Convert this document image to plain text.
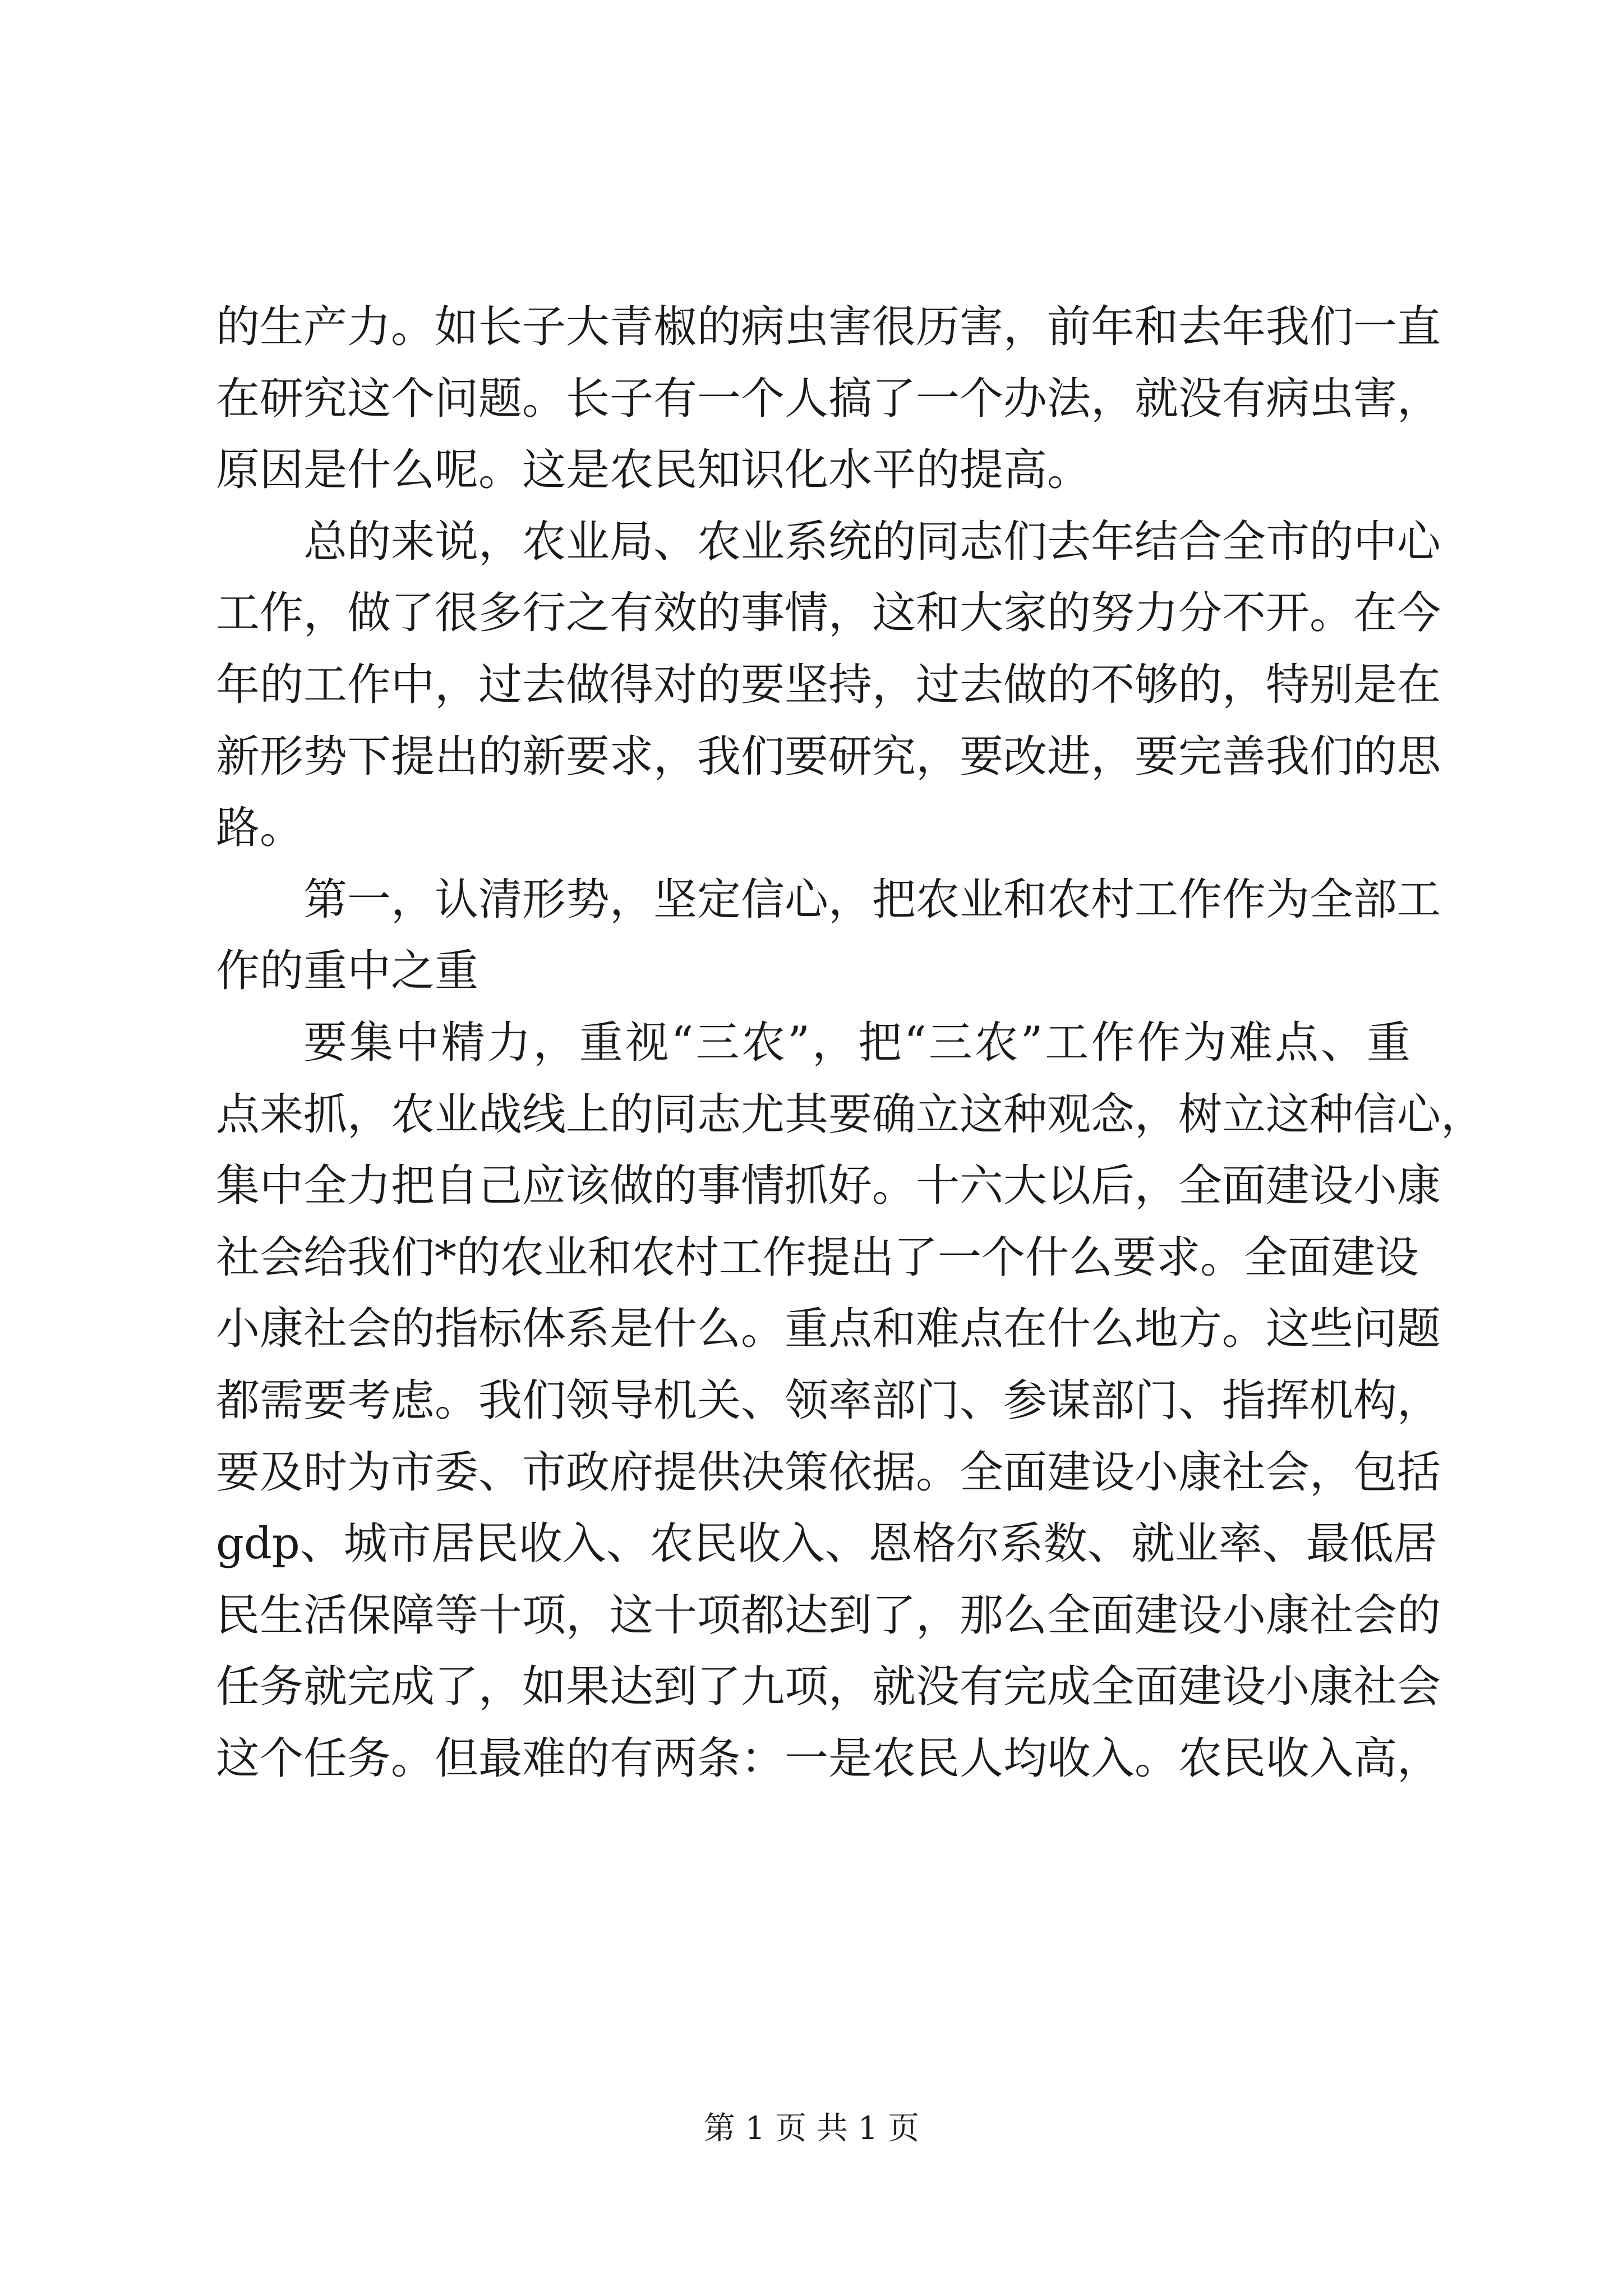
的生产力。如长子大青椒的病虫害很历害，前年和去年我们一直
在研究这个问题。长子有一个人搞了一个办法，就没有病虫害，
原因是什么呢。这是农民知识化水平的提高。
总的来说，农业局、农业系统的同志们去年结合全市的中心
工作，做了很多行之有效的事情，这和大家的努力分不开。在今
年的工作中，过去做得对的要坚持，过去做的不够的，特别是在
新形势下提出的新要求，我们要研究，要改进，要完善我们的思
路。
第一，认清形势，坚定信心，把农业和农村工作作为全部工
作的重中之重
要集中精力，重视“三农”，把“三农”工作作为难点、重
点来抓，农业战线上的同志尤其要确立这种观念，树立这种信心，
集中全力把自己应该做的事情抓好。十六大以后，全面建设小康
社会给我们*的农业和农村工作提出了一个什么要求。全面建设
小康社会的指标体系是什么。重点和难点在什么地方。这些问题
都需要考虑。我们领导机关、领率部门、参谋部门、指挥机构，
要及时为市委、市政府提供决策依据。全面建设小康社会，包括
gdp、城市居民收入、农民收入、恩格尔系数、就业率、最低居
民生活保障等十项，这十项都达到了，那么全面建设小康社会的
任务就完成了，如果达到了九项，就没有完成全面建设小康社会
这个任务。但最难的有两条：一是农民人均收入。农民收入高，
第 1 页 共 1 页
